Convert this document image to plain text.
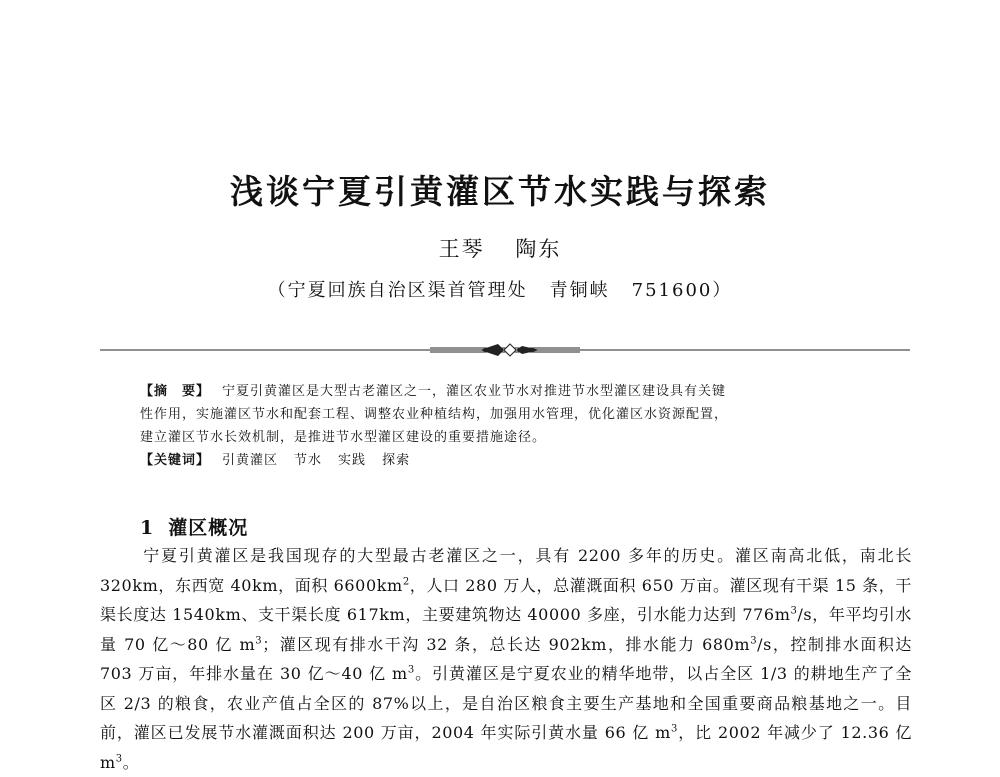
浅谈宁夏引黄灌区节水实践与探索
王琴 陶东
（宁夏回族自治区渠首管理处 青铜峡 751600）
【摘　要】 宁夏引黄灌区是大型古老灌区之一，灌区农业节水对推进节水型灌区建设具有关键
性作用，实施灌区节水和配套工程、调整农业种植结构，加强用水管理，优化灌区水资源配置，
建立灌区节水长效机制，是推进节水型灌区建设的重要措施途径。
【关键词】 引黄灌区 节水 实践 探索
1 灌区概况
宁夏引黄灌区是我国现存的大型最古老灌区之一，具有 2200 多年的历史。灌区南高北低，南北长 320km，东西宽 40km，面积 $6600km^2$，人口 280 万人，总灌溉面积 650 万亩。灌区现有干渠 15 条，干渠长度达 1540km、支干渠长度 617km，主要建筑物达 40000 多座，引水能力达到 $776m^3/s$，年平均引水量 70 亿～80 亿 $m^3$；灌区现有排水干沟 32 条，总长达 902km，排水能力 $680m^3/s$，控制排水面积达 703 万亩，年排水量在 30 亿～40 亿 $m^3$。引黄灌区是宁夏农业的精华地带，以占全区 1/3 的耕地生产了全区 2/3 的粮食，农业产值占全区的 87%以上，是自治区粮食主要生产基地和全国重要商品粮基地之一。目前，灌区已发展节水灌溉面积达 200 万亩，2004 年实际引黄水量 66 亿 $m^3$，比 2002 年减少了 12.36 亿 $m^3$。
